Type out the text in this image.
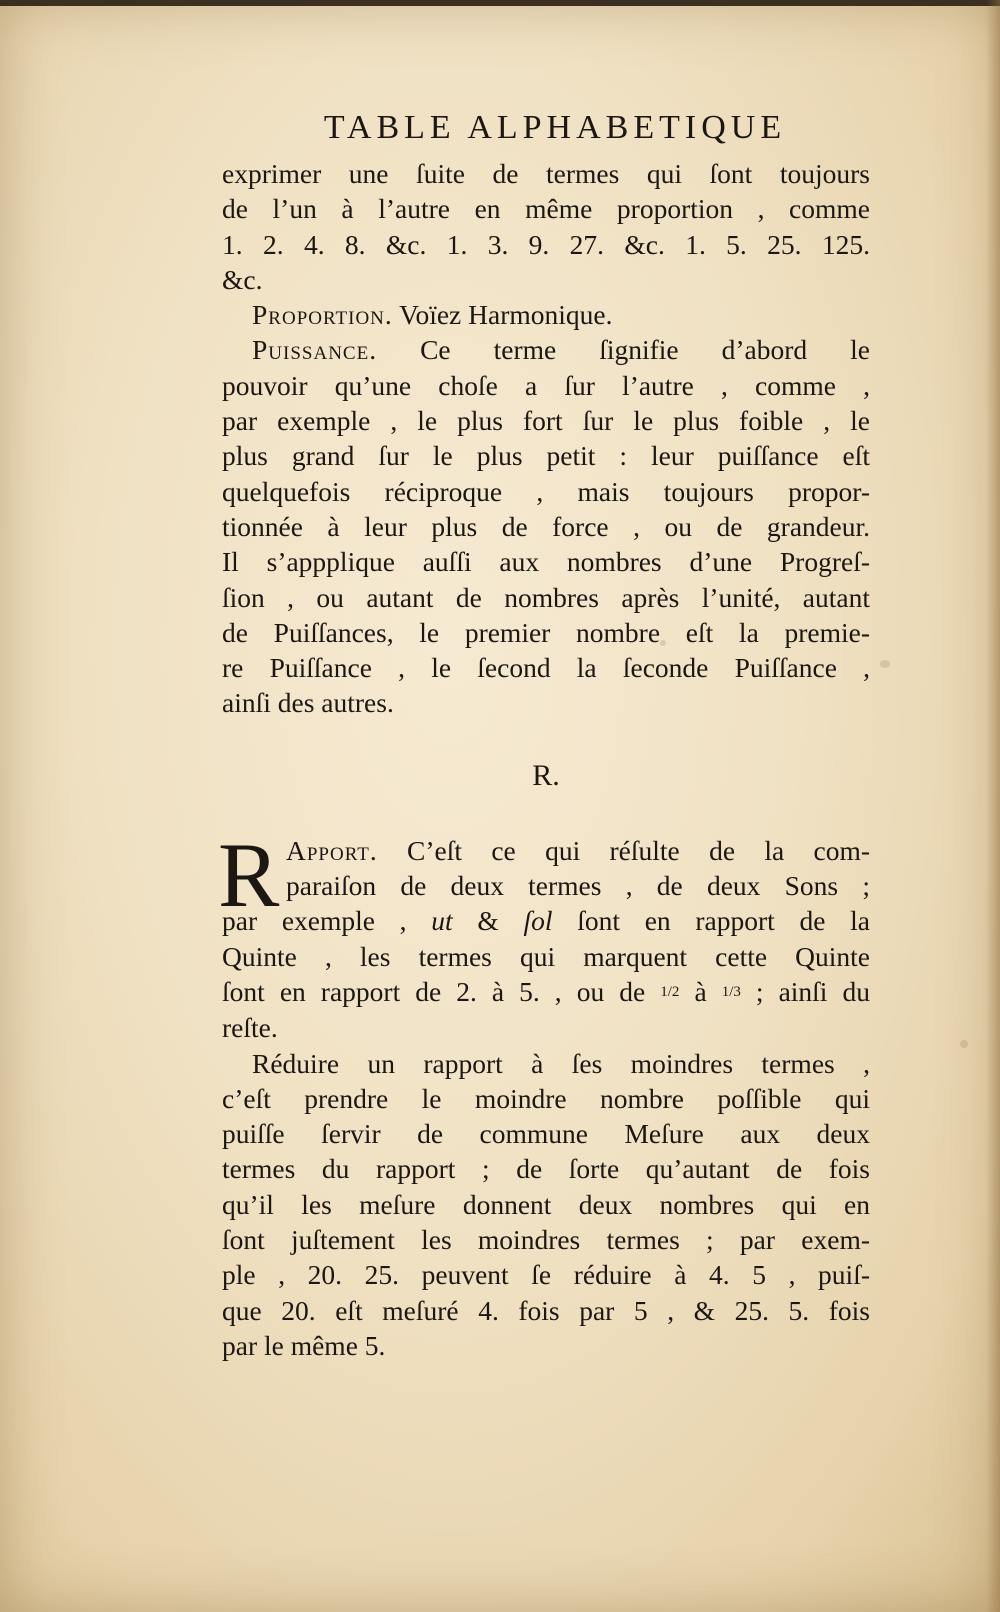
TABLE ALPHABETIQUE

exprimer une ſuite de termes qui ſont toujours

de l’un à l’autre en même proportion , comme

1. 2. 4. 8. &c. 1. 3. 9. 27. &c. 1. 5. 25. 125.

&c.

Proportion. Voïez Harmonique.

Puissance. Ce terme ſignifie d’abord le

pouvoir qu’une choſe a ſur l’autre , comme ,

par exemple , le plus fort ſur le plus foible , le

plus grand ſur le plus petit : leur puiſſance eſt

quelquefois réciproque , mais toujours propor-

tionnée à leur plus de force , ou de grandeur.

Il s’appplique auſſi aux nombres d’une Progreſ-

ſion , ou autant de nombres après l’unité, autant

de Puiſſances, le premier nombre eſt la premie-

re Puiſſance , le ſecond la ſeconde Puiſſance ,

ainſi des autres.

R.
R Apport. C’eſt ce qui réſulte de la com-

paraiſon de deux termes , de deux Sons ;

par exemple , ut & ſol ſont en rapport de la

Quinte , les termes qui marquent cette Quinte

ſont en rapport de 2. à 5. , ou de 1/2 à 1/3 ; ainſi du

reſte.

Réduire un rapport à ſes moindres termes ,

c’eſt prendre le moindre nombre poſſible qui

puiſſe ſervir de commune Meſure aux deux

termes du rapport ; de ſorte qu’autant de fois

qu’il les meſure donnent deux nombres qui en

ſont juſtement les moindres termes ; par exem-

ple , 20. 25. peuvent ſe réduire à 4. 5 , puiſ-

que 20. eſt meſuré 4. fois par 5 , & 25. 5. fois

par le même 5.
